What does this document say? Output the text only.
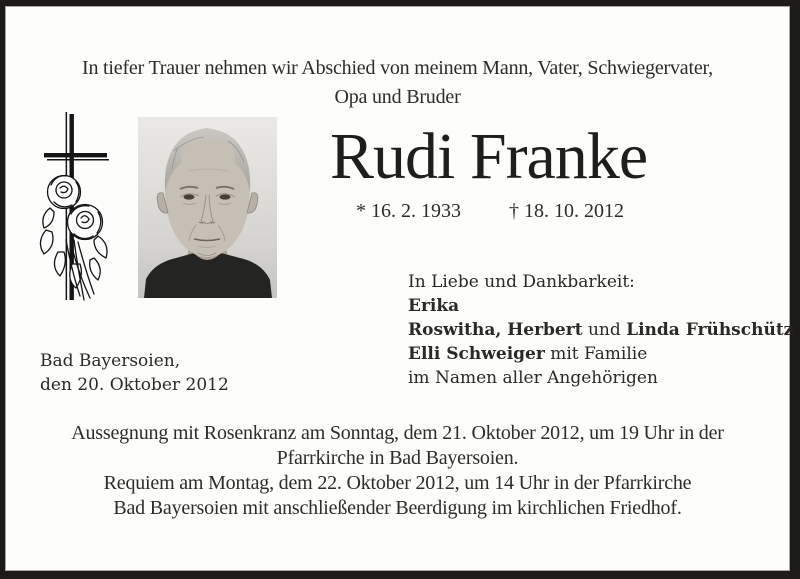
In tiefer Trauer nehmen wir Abschied von meinem Mann, Vater, Schwiegervater,
Opa und Bruder
Rudi Franke
* 16. 2. 1933 † 18. 10. 2012
In Liebe und Dankbarkeit:
Erika
Roswitha, Herbert und Linda Frühschütz
Elli Schweiger mit Familie
im Namen aller Angehörigen
Bad Bayersoien,
den 20. Oktober 2012
Aussegnung mit Rosenkranz am Sonntag, dem 21. Oktober 2012, um 19 Uhr in der
Pfarrkirche in Bad Bayersoien.
Requiem am Montag, dem 22. Oktober 2012, um 14 Uhr in der Pfarrkirche
Bad Bayersoien mit anschließender Beerdigung im kirchlichen Friedhof.
